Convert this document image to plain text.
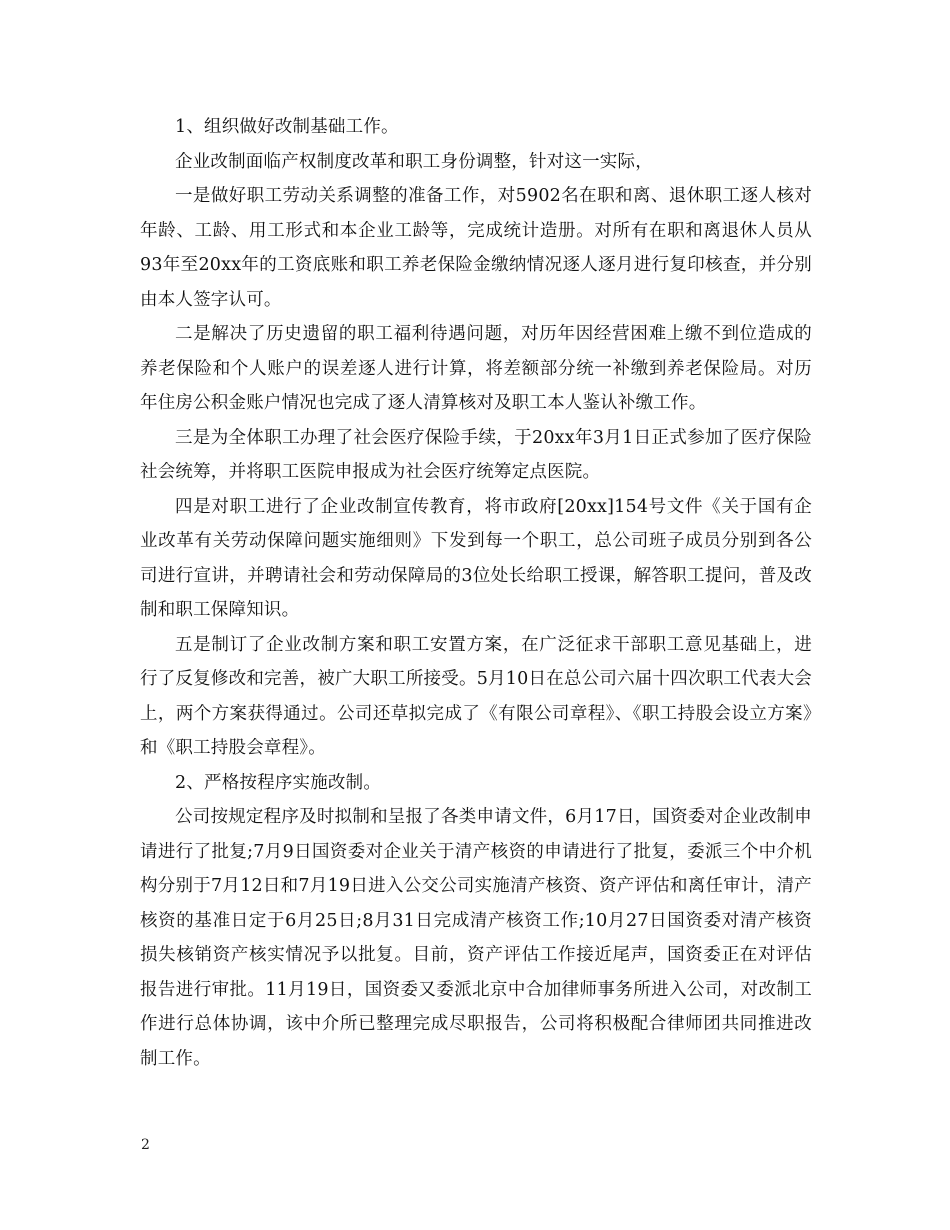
1、组织做好改制基础工作。

企业改制面临产权制度改革和职工身份调整，针对这一实际，

一是做好职工劳动关系调整的准备工作，对5902名在职和离、退休职工逐人核对年龄、工龄、用工形式和本企业工龄等，完成统计造册。对所有在职和离退休人员从93年至20xx年的工资底账和职工养老保险金缴纳情况逐人逐月进行复印核查，并分别由本人签字认可。

二是解决了历史遗留的职工福利待遇问题，对历年因经营困难上缴不到位造成的养老保险和个人账户的误差逐人进行计算，将差额部分统一补缴到养老保险局。对历年住房公积金账户情况也完成了逐人清算核对及职工本人鉴认补缴工作。

三是为全体职工办理了社会医疗保险手续，于20xx年3月1日正式参加了医疗保险社会统筹，并将职工医院申报成为社会医疗统筹定点医院。

四是对职工进行了企业改制宣传教育，将市政府[20xx]154号文件《关于国有企业改革有关劳动保障问题实施细则》下发到每一个职工，总公司班子成员分别到各公司进行宣讲，并聘请社会和劳动保障局的3位处长给职工授课，解答职工提问，普及改制和职工保障知识。

五是制订了企业改制方案和职工安置方案，在广泛征求干部职工意见基础上，进行了反复修改和完善，被广大职工所接受。5月10日在总公司六届十四次职工代表大会上，两个方案获得通过。公司还草拟完成了《有限公司章程》、《职工持股会设立方案》和《职工持股会章程》。

2、严格按程序实施改制。

公司按规定程序及时拟制和呈报了各类申请文件，6月17日，国资委对企业改制申请进行了批复;7月9日国资委对企业关于清产核资的申请进行了批复，委派三个中介机构分别于7月12日和7月19日进入公交公司实施清产核资、资产评估和离任审计，清产核资的基准日定于6月25日;8月31日完成清产核资工作;10月27日国资委对清产核资损失核销资产核实情况予以批复。目前，资产评估工作接近尾声，国资委正在对评估报告进行审批。11月19日，国资委又委派北京中合加律师事务所进入公司，对改制工作进行总体协调，该中介所已整理完成尽职报告，公司将积极配合律师团共同推进改制工作。

2
